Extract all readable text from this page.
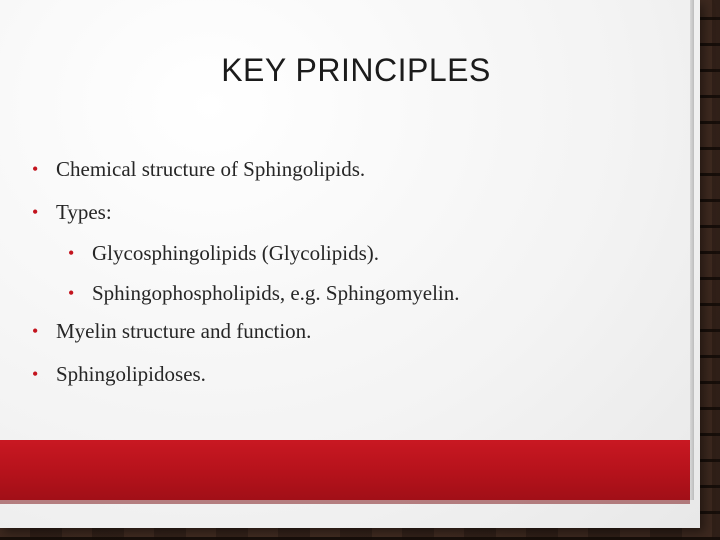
KEY PRINCIPLES
• Chemical structure of Sphingolipids.
• Types:
• Glycosphingolipids (Glycolipids).
• Sphingophospholipids, e.g. Sphingomyelin.
• Myelin structure and function.
• Sphingolipidoses.
